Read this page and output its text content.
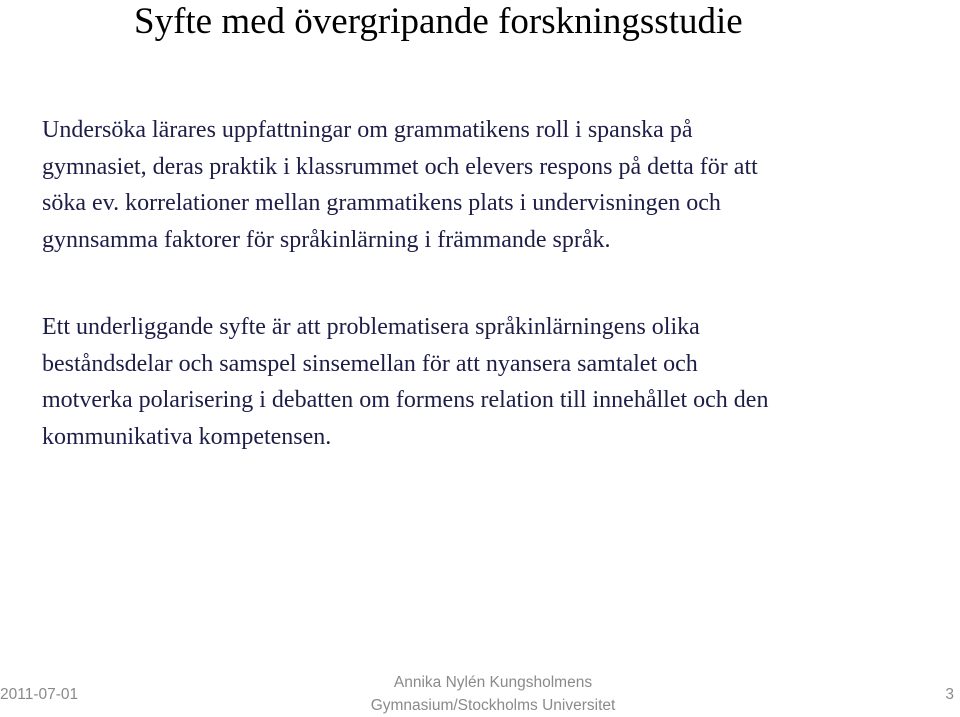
Syfte med övergripande forskningsstudie
Undersöka lärares uppfattningar om grammatikens roll i spanska på
gymnasiet, deras praktik i klassrummet och elevers respons på detta för att
söka ev. korrelationer mellan grammatikens plats i undervisningen och
gynnsamma faktorer för språkinlärning i främmande språk.
Ett underliggande syfte är att problematisera språkinlärningens olika
beståndsdelar och samspel sinsemellan för att nyansera samtalet och
motverka polarisering i debatten om formens relation till innehållet och den
kommunikativa kompetensen.
2011-07-01
Annika Nylén Kungsholmens
Gymnasium/Stockholms Universitet
3
